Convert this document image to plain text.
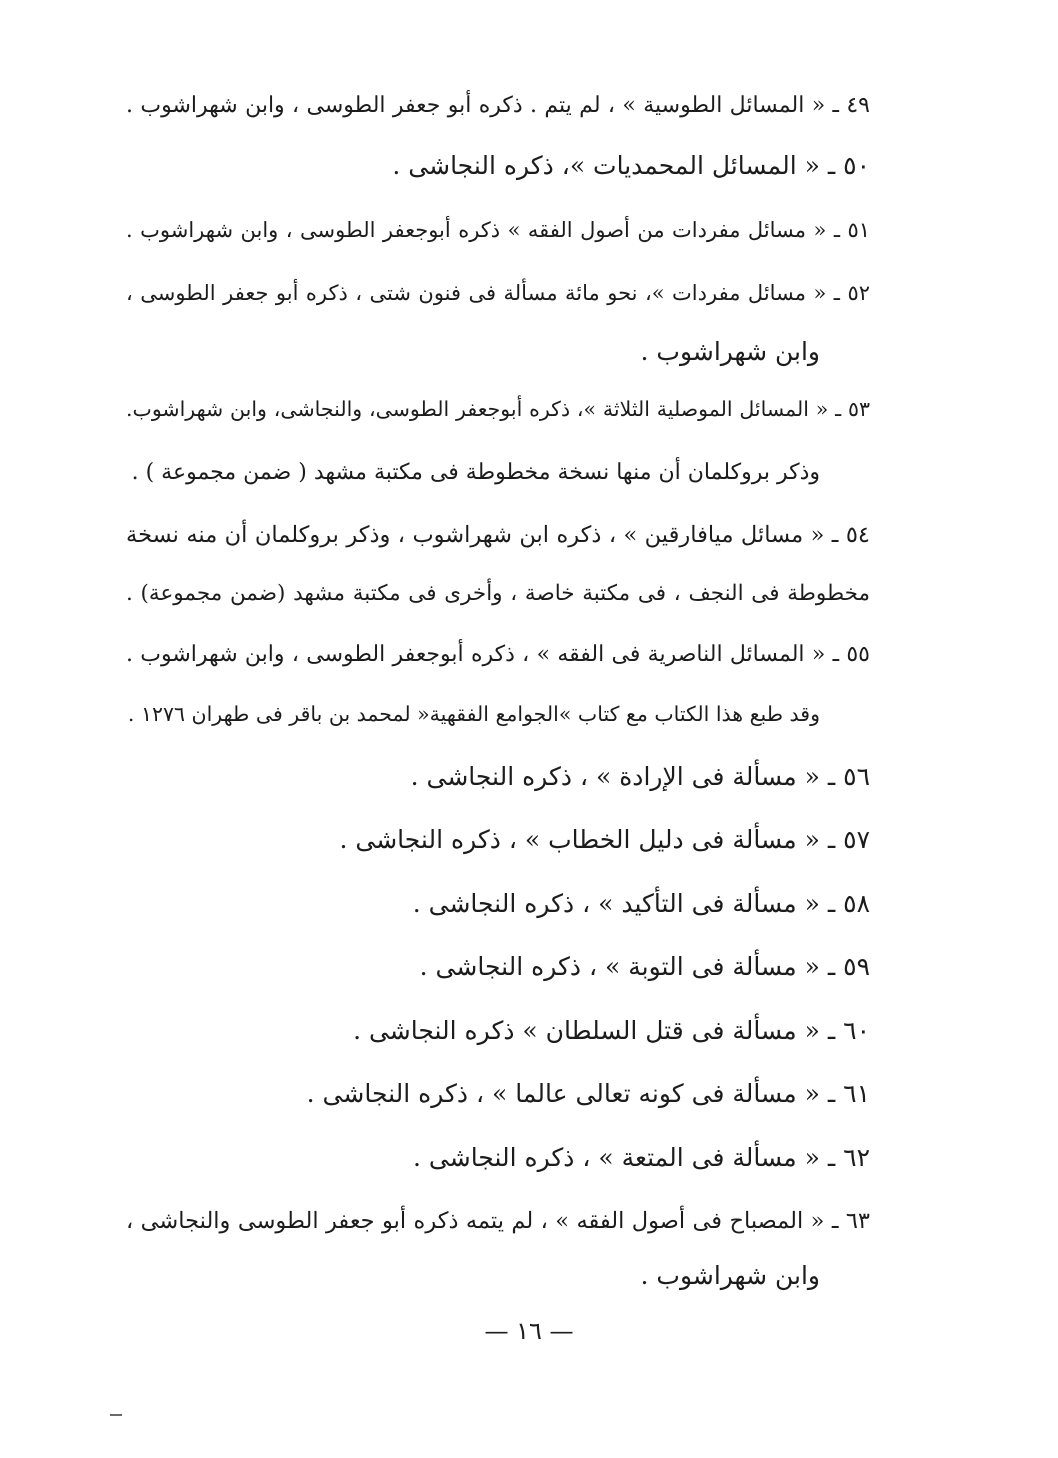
٤٩ ـ « المسائل الطوسية » ، لم يتم . ذكره أبو جعفر الطوسى ، وابن شهراشوب .
٥٠ ـ « المسائل المحمديات »، ذكره النجاشى .
٥١ ـ « مسائل مفردات من أصول الفقه » ذكره أبوجعفر الطوسى ، وابن شهراشوب .
٥٢ ـ « مسائل مفردات »، نحو مائة مسألة فى فنون شتى ، ذكره أبو جعفر الطوسى ،
وابن شهراشوب .
٥٣ ـ « المسائل الموصلية الثلاثة »، ذكره أبوجعفر الطوسى، والنجاشى، وابن شهراشوب.
وذكر بروكلمان أن منها نسخة مخطوطة فى مكتبة مشهد ( ضمن مجموعة ) .
٥٤ ـ « مسائل ميافارقين » ، ذكره ابن شهراشوب ، وذكر بروكلمان أن منه نسخة
مخطوطة فى النجف ، فى مكتبة خاصة ، وأخرى فى مكتبة مشهد (ضمن مجموعة) .
٥٥ ـ « المسائل الناصرية فى الفقه » ، ذكره أبوجعفر الطوسى ، وابن شهراشوب .
وقد طبع هذا الكتاب مع كتاب »الجوامع الفقهية« لمحمد بن باقر فى طهران ١٢٧٦ .
٥٦ ـ « مسألة فى الإرادة » ، ذكره النجاشى .
٥٧ ـ « مسألة فى دليل الخطاب » ، ذكره النجاشى .
٥٨ ـ « مسألة فى التأكيد » ، ذكره النجاشى .
٥٩ ـ « مسألة فى التوبة » ، ذكره النجاشى .
٦٠ ـ « مسألة فى قتل السلطان » ذكره النجاشى .
٦١ ـ « مسألة فى كونه تعالى عالما » ، ذكره النجاشى .
٦٢ ـ « مسألة فى المتعة » ، ذكره النجاشى .
٦٣ ـ « المصباح فى أصول الفقه » ، لم يتمه ذكره أبو جعفر الطوسى والنجاشى ،
وابن شهراشوب .
— ١٦ —
